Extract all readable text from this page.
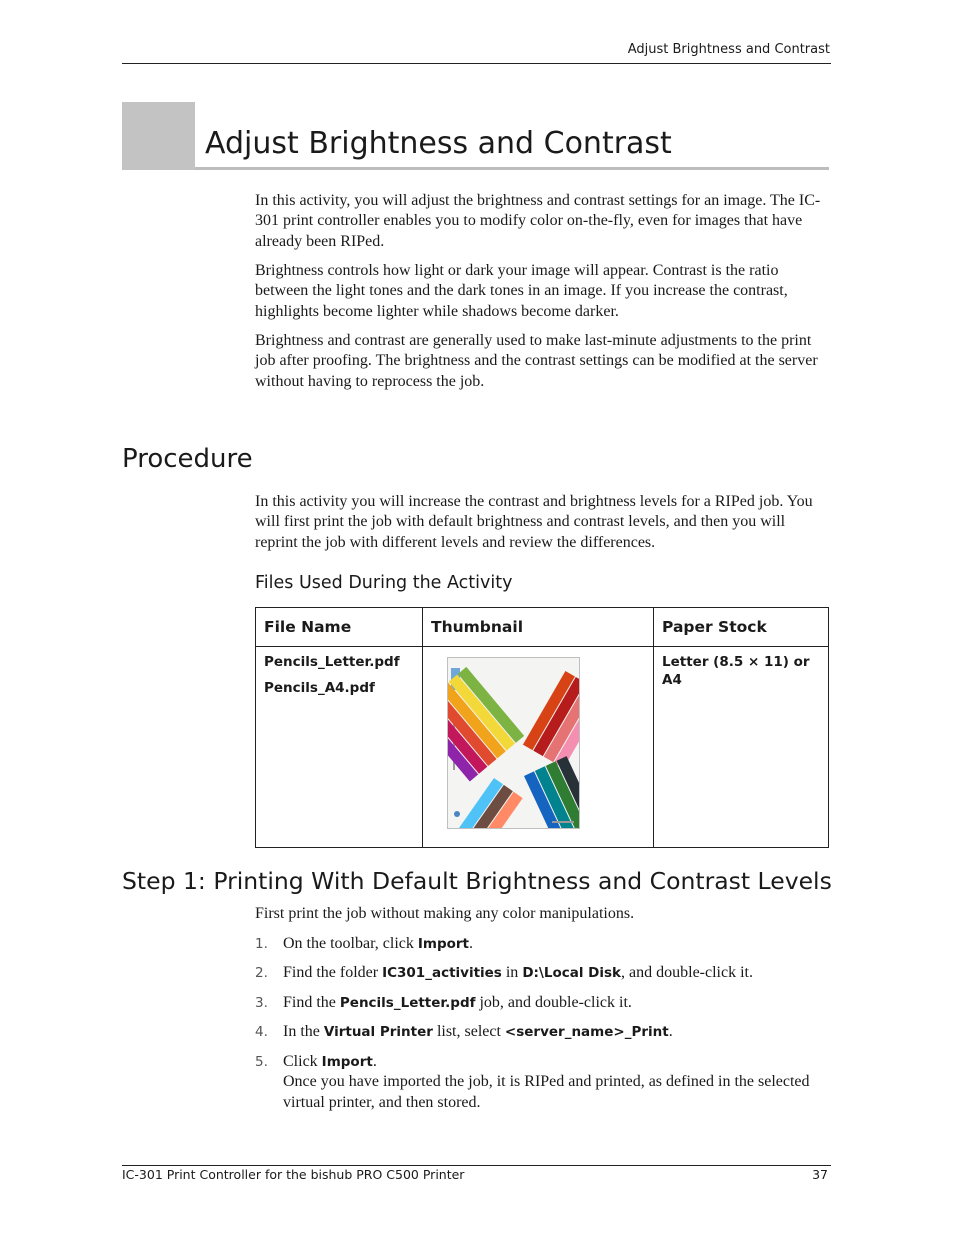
Adjust Brightness and Contrast
Adjust Brightness and Contrast

In this activity, you will adjust the brightness and contrast settings for an image. The IC-301 print controller enables you to modify color on-the-fly, even for images that have already been RIPed.

Brightness controls how light or dark your image will appear. Contrast is the ratio between the light tones and the dark tones in an image. If you increase the contrast, highlights become lighter while shadows become darker.

Brightness and contrast are generally used to make last-minute adjustments to the print job after proofing. The brightness and the contrast settings can be modified at the server without having to reprocess the job.

Procedure

In this activity you will increase the contrast and brightness levels for a RIPed job. You will first print the job with default brightness and contrast levels, and then you will reprint the job with different levels and review the differences.

Files Used During the Activity
File Name	Thumbnail	Paper Stock

Pencils_Letter.pdf
Pencils_A4.pdf		Letter (8.5 × 11) or A4
Step 1: Printing With Default Brightness and Contrast Levels

First print the job without making any color manipulations.

1. On the toolbar, click Import.
2. Find the folder IC301_activities in D:\Local Disk, and double-click it.
3. Find the Pencils_Letter.pdf job, and double-click it.
4. In the Virtual Printer list, select <server_name>_Print.
5. Click Import.
Once you have imported the job, it is RIPed and printed, as defined in the selected virtual printer, and then stored.
IC-301 Print Controller for the bishub PRO C500 Printer	37
